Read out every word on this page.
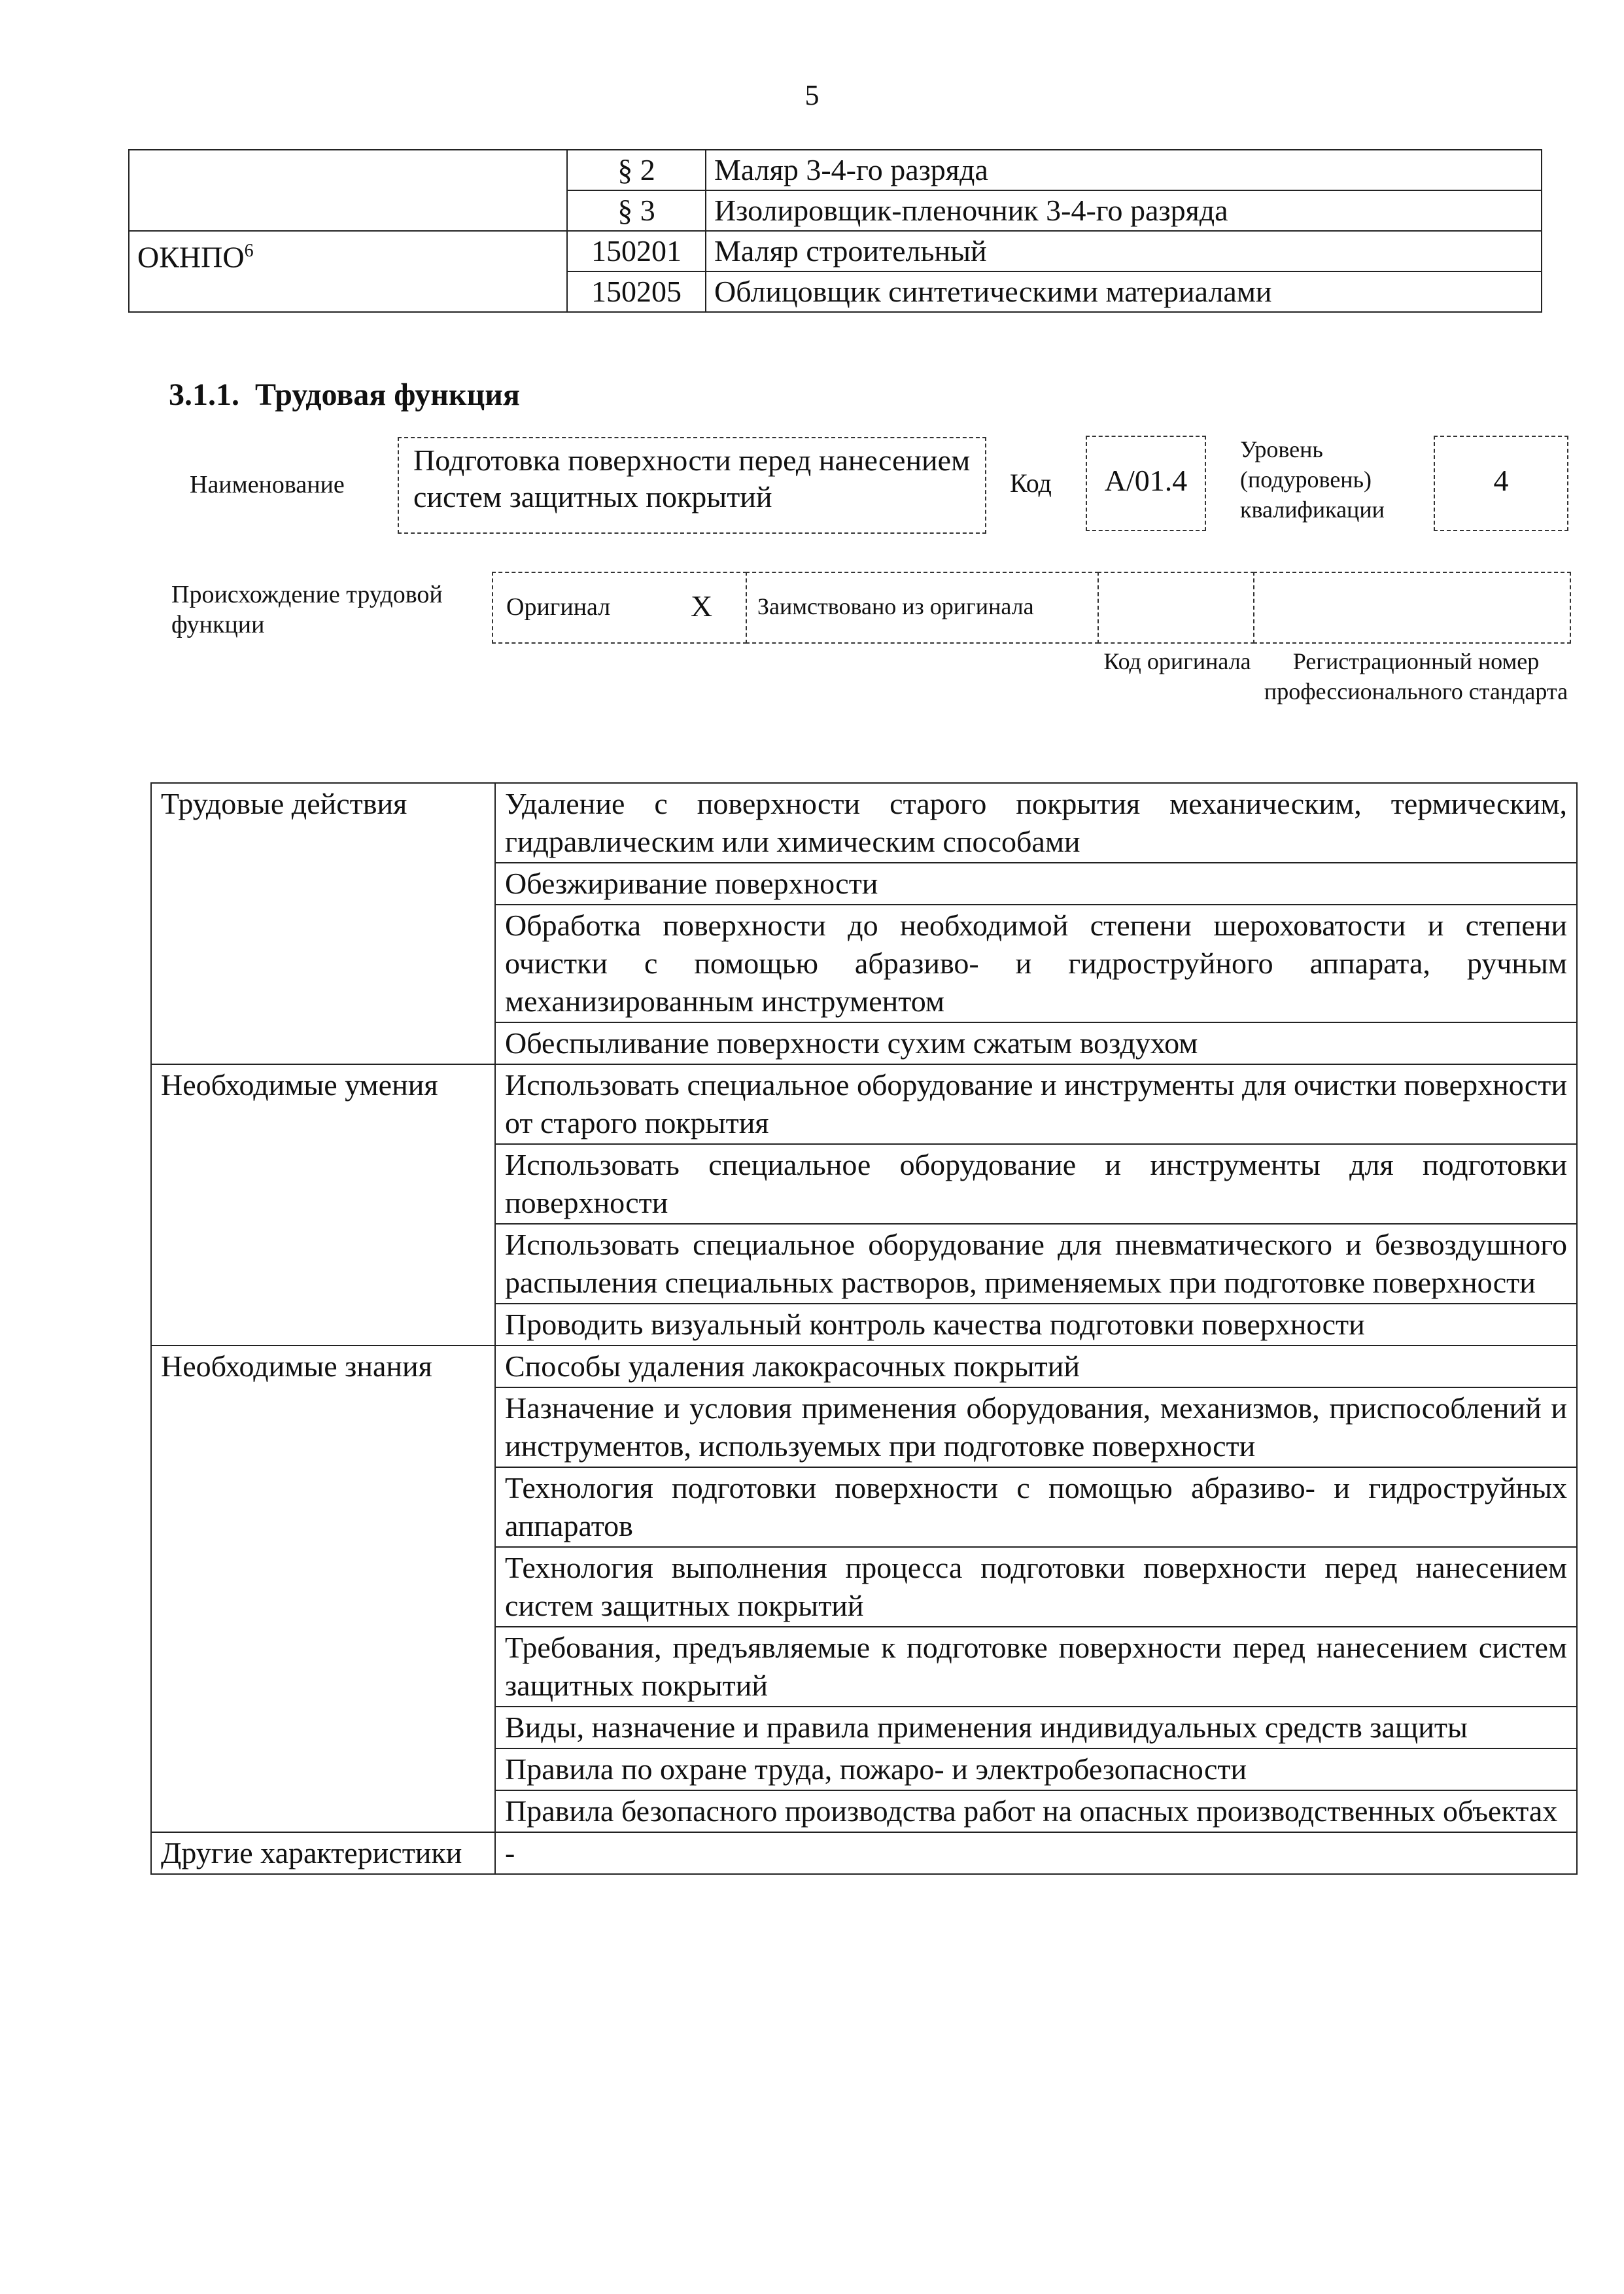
5
	§ 2	Маляр 3-4-го разряда
	§ 3	Изолировщик-пленочник 3-4-го разряда
ОКНПО$^6$	150201	Маляр строительный
	150205	Облицовщик синтетическими материалами
3.1.1. Трудовая функция
Наименование
Подготовка поверхности перед нанесением систем защитных покрытий	Код	А/01.4
Уровень (подуровень) квалификации
4
Происхождение трудовой функции
Оригинал	Х Заимствовано из оригинала
Код оригинала	Регистрационный номер профессионального стандарта
Трудовые действия	Удаление с поверхности старого покрытия механическим, термическим, гидравлическим или химическим способами
	Обезжиривание поверхности
	Обработка поверхности до необходимой степени шероховатости и степени очистки с помощью абразиво- и гидроструйного аппарата, ручным механизированным инструментом
	Обеспыливание поверхности сухим сжатым воздухом
Необходимые умения	Использовать специальное оборудование и инструменты для очистки поверхности от старого покрытия
	Использовать специальное оборудование и инструменты для подготовки поверхности
	Использовать специальное оборудование для пневматического и безвоздушного распыления специальных растворов, применяемых при подготовке поверхности
	Проводить визуальный контроль качества подготовки поверхности
Необходимые знания	Способы удаления лакокрасочных покрытий
	Назначение и условия применения оборудования, механизмов, приспособлений и инструментов, используемых при подготовке поверхности
	Технология подготовки поверхности с помощью абразиво- и гидроструйных аппаратов
	Технология выполнения процесса подготовки поверхности перед нанесением систем защитных покрытий
	Требования, предъявляемые к подготовке поверхности перед нанесением систем защитных покрытий
	Виды, назначение и правила применения индивидуальных средств защиты
	Правила по охране труда, пожаро- и электробезопасности
	Правила безопасного производства работ на опасных производственных объектах
Другие характеристики	-
